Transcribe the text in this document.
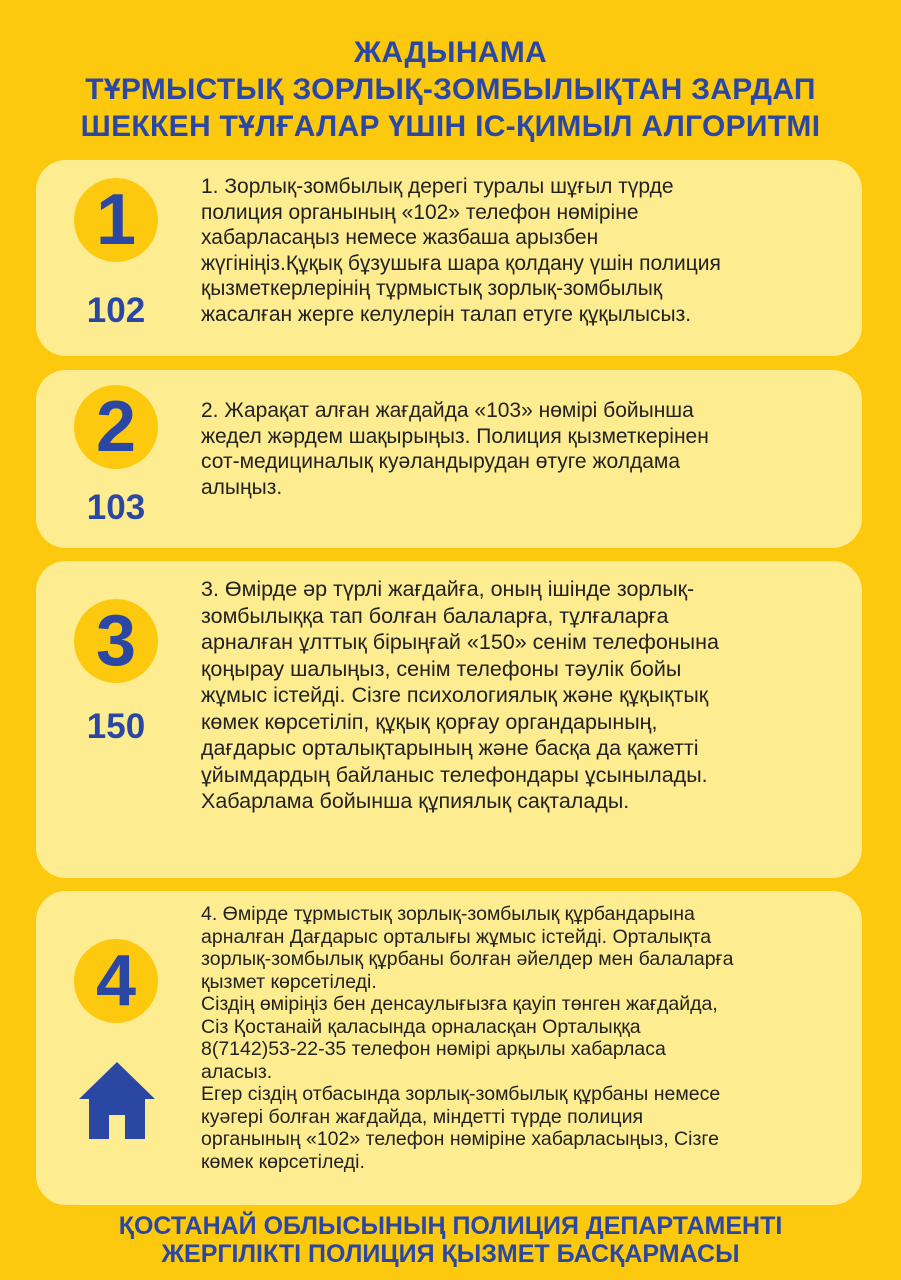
ЖАДЫНАМА
ТҰРМЫСТЫҚ ЗОРЛЫҚ-ЗОМБЫЛЫҚТАН ЗАРДАП
ШЕККЕН ТҰЛҒАЛАР ҮШІН ІС-ҚИМЫЛ АЛГОРИТМІ
1
102
1. Зорлық-зомбылық дерегі туралы шұғыл түрде
полиция органының «102» телефон нөміріне
хабарласаңыз немесе жазбаша арызбен
жүгініңіз.Құқық бұзушыға шара қолдану үшін полиция
қызметкерлерінің тұрмыстық зорлық-зомбылық
жасалған жерге келулерін талап етуге құқылысыз.
2
103
2. Жарақат алған жағдайда «103» нөмірі бойынша
жедел жәрдем шақырыңыз. Полиция қызметкерінен
сот-медициналық куәландырудан өтуге жолдама
алыңыз.
3
150
3. Өмірде әр түрлі жағдайға, оның ішінде зорлық-
зомбылыққа тап болған балаларға, тұлғаларға
арналған ұлттық бірыңғай «150» сенім телефонына
қоңырау шалыңыз, сенім телефоны тәулік бойы
жұмыс істейді. Сізге психологиялық және құқықтық
көмек көрсетіліп, құқық қорғау органдарының,
дағдарыс орталықтарының және басқа да қажетті
ұйымдардың байланыс телефондары ұсынылады.
Хабарлама бойынша құпиялық сақталады.
4
4. Өмірде тұрмыстық зорлық-зомбылық құрбандарына
арналған Дағдарыс орталығы жұмыс істейді. Орталықта
зорлық-зомбылық құрбаны болған әйелдер мен балаларға
қызмет көрсетіледі.
Сіздің өміріңіз бен денсаулығызға қауіп төнген жағдайда,
Сіз Қостанаій қаласында орналасқан Орталыққа
8(7142)53-22-35 телефон нөмірі арқылы хабарласа
аласыз.
Егер сіздің отбасында зорлық-зомбылық құрбаны немесе
куәгері болған жағдайда, міндетті түрде полиция
органының «102» телефон нөміріне хабарласыңыз, Сізге
көмек көрсетіледі.
ҚОСТАНАЙ ОБЛЫСЫНЫҢ ПОЛИЦИЯ ДЕПАРТАМЕНТІ
ЖЕРГІЛІКТІ ПОЛИЦИЯ ҚЫЗМЕТ БАСҚАРМАСЫ
